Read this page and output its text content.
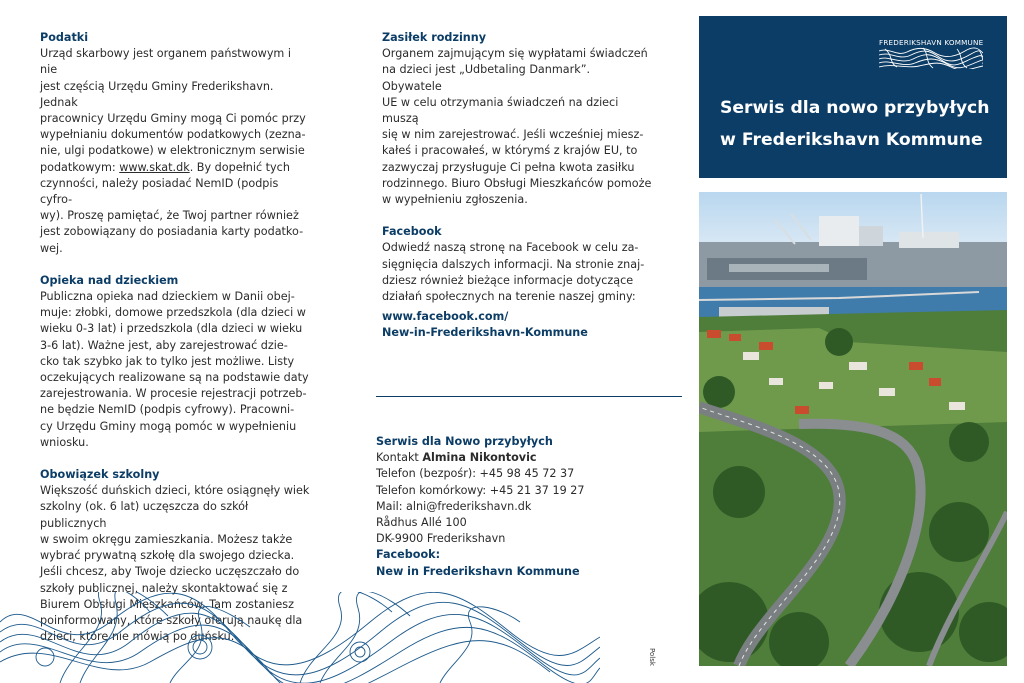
Podatki

Urząd skarbowy jest organem państwowym i nie

jest częścią Urzędu Gminy Frederikshavn. Jednak

pracownicy Urzędu Gminy mogą Ci pomóc przy

wypełnianiu dokumentów podatkowych (zezna-

nie, ulgi podatkowe) w elektronicznym serwisie

podatkowym: www.skat.dk. By dopełnić tych

czynności, należy posiadać NemID (podpis cyfro-

wy). Proszę pamiętać, że Twoj partner również

jest zobowiązany do posiadania karty podatko-

wej.

Opieka nad dzieckiem

Publiczna opieka nad dzieckiem w Danii obej-

muje: złobki, domowe przedszkola (dla dzieci w

wieku 0-3 lat) i przedszkola (dla dzieci w wieku

3-6 lat). Ważne jest, aby zarejestrować dzie-

cko tak szybko jak to tylko jest możliwe. Listy

oczekujących realizowane są na podstawie daty

zarejestrowania. W procesie rejestracji potrzeb-

ne będzie NemID (podpis cyfrowy). Pracowni-

cy Urzędu Gminy mogą pomóc w wypełnieniu

wniosku.

Obowiązek szkolny

Większość duńskich dzieci, które osiągnęły wiek

szkolny (ok. 6 lat) uczęszcza do szkół publicznych

w swoim okręgu zamieszkania. Możesz także

wybrać prywatną szkołę dla swojego dziecka.

Jeśli chcesz, aby Twoje dziecko uczęszczało do

szkoły publicznej, należy skontaktować się z

Biurem Obsługi Mieszkańców. Tam zostaniesz

poinformowany, które szkoły oferują naukę dla

dzieci, które nie mówią po duńsku.

Zasiłek rodzinny

Organem zajmującym się wypłatami świadczeń

na dzieci jest „Udbetaling Danmark”. Obywatele

UE w celu otrzymania świadczeń na dzieci muszą

się w nim zarejestrować. Jeśli wcześniej miesz-

kałeś i pracowałeś, w którymś z krajów EU, to

zazwyczaj przysługuje Ci pełna kwota zasiłku

rodzinnego. Biuro Obsługi Mieszkańców pomoże

w wypełnieniu zgłoszenia.

Facebook

Odwiedź naszą stronę na Facebook w celu za-

sięgnięcia dalszych informacji. Na stronie znaj-

dziesz również bieżące informacje dotyczące

działań społecznych na terenie naszej gminy:

www.facebook.com/
New-in-Frederikshavn-Kommune

Serwis dla Nowo przybyłych

Kontakt Almina Nikontovic

Telefon (bezpośr): +45 98 45 72 37

Telefon komórkowy: +45 21 37 19 27

Mail: alni@frederikshavn.dk

Rådhus Allé 100

DK-9900 Frederikshavn

Facebook:

New in Frederikshavn Kommune

Polsk
FREDERIKSHAVN KOMMUNE
Serwis dla nowo przybyłych
w Frederikshavn Kommune
